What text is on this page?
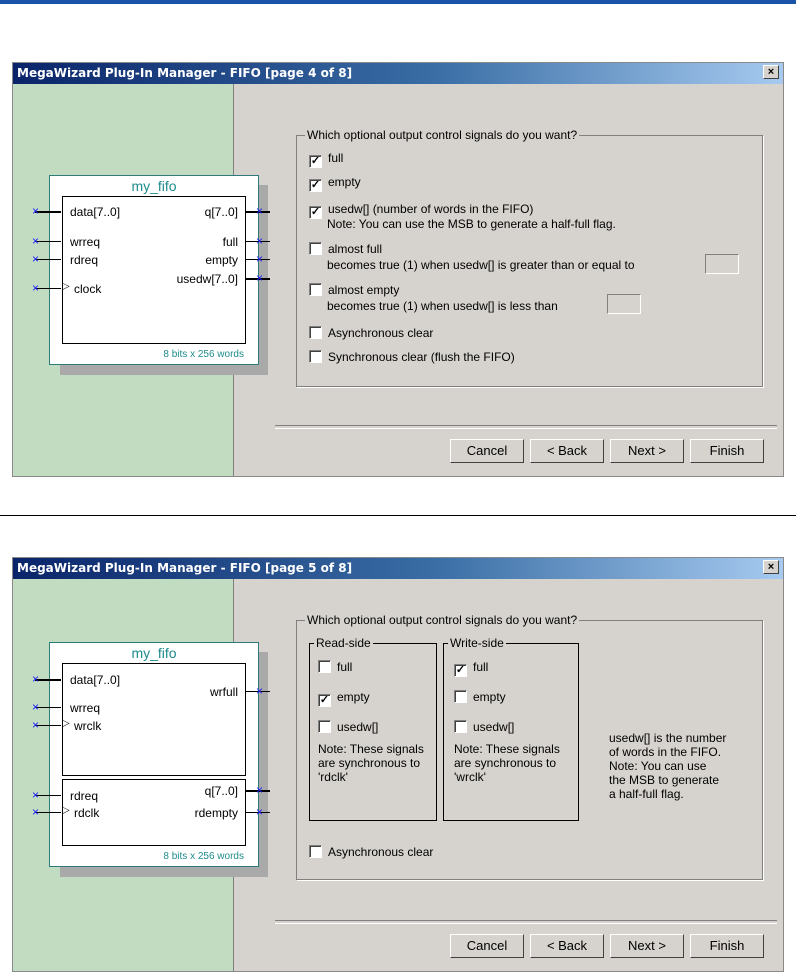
MegaWizard Plug-In Manager - FIFO [page 4 of 8]	×
my_fifo
data[7..0]
wrreq
rdreq
clock
▷
q[7..0]
full
empty
usedw[7..0]
8 bits x 256 words
×
×
×
×
×
×
×
×
Which optional output control signals do you want?
✓ full
✓ empty
✓ usedw[] (number of words in the FIFO)
Note: You can use the MSB to generate a half-full flag.
almost full
becomes true (1) when usedw[] is greater than or equal to
almost empty
becomes true (1) when usedw[] is less than
Asynchronous clear
Synchronous clear (flush the FIFO)
Cancel	< Back	Next >	Finish
MegaWizard Plug-In Manager - FIFO [page 5 of 8]	×
my_fifo
data[7..0]
wrreq
wrclk
▷
rdreq
rdclk
▷
wrfull
q[7..0]
rdempty
8 bits x 256 words
×
×
×
×
×
×
×
×
Which optional output control signals do you want?
Read-side
full
✓ empty
usedw[]
Note: These signals
are synchronous to
'rdclk'
Write-side
✓ full
empty
usedw[]
Note: These signals
are synchronous to
'wrclk'
usedw[] is the number
of words in the FIFO.
Note: You can use
the MSB to generate
a half-full flag.
Asynchronous clear
Cancel	< Back	Next >	Finish
